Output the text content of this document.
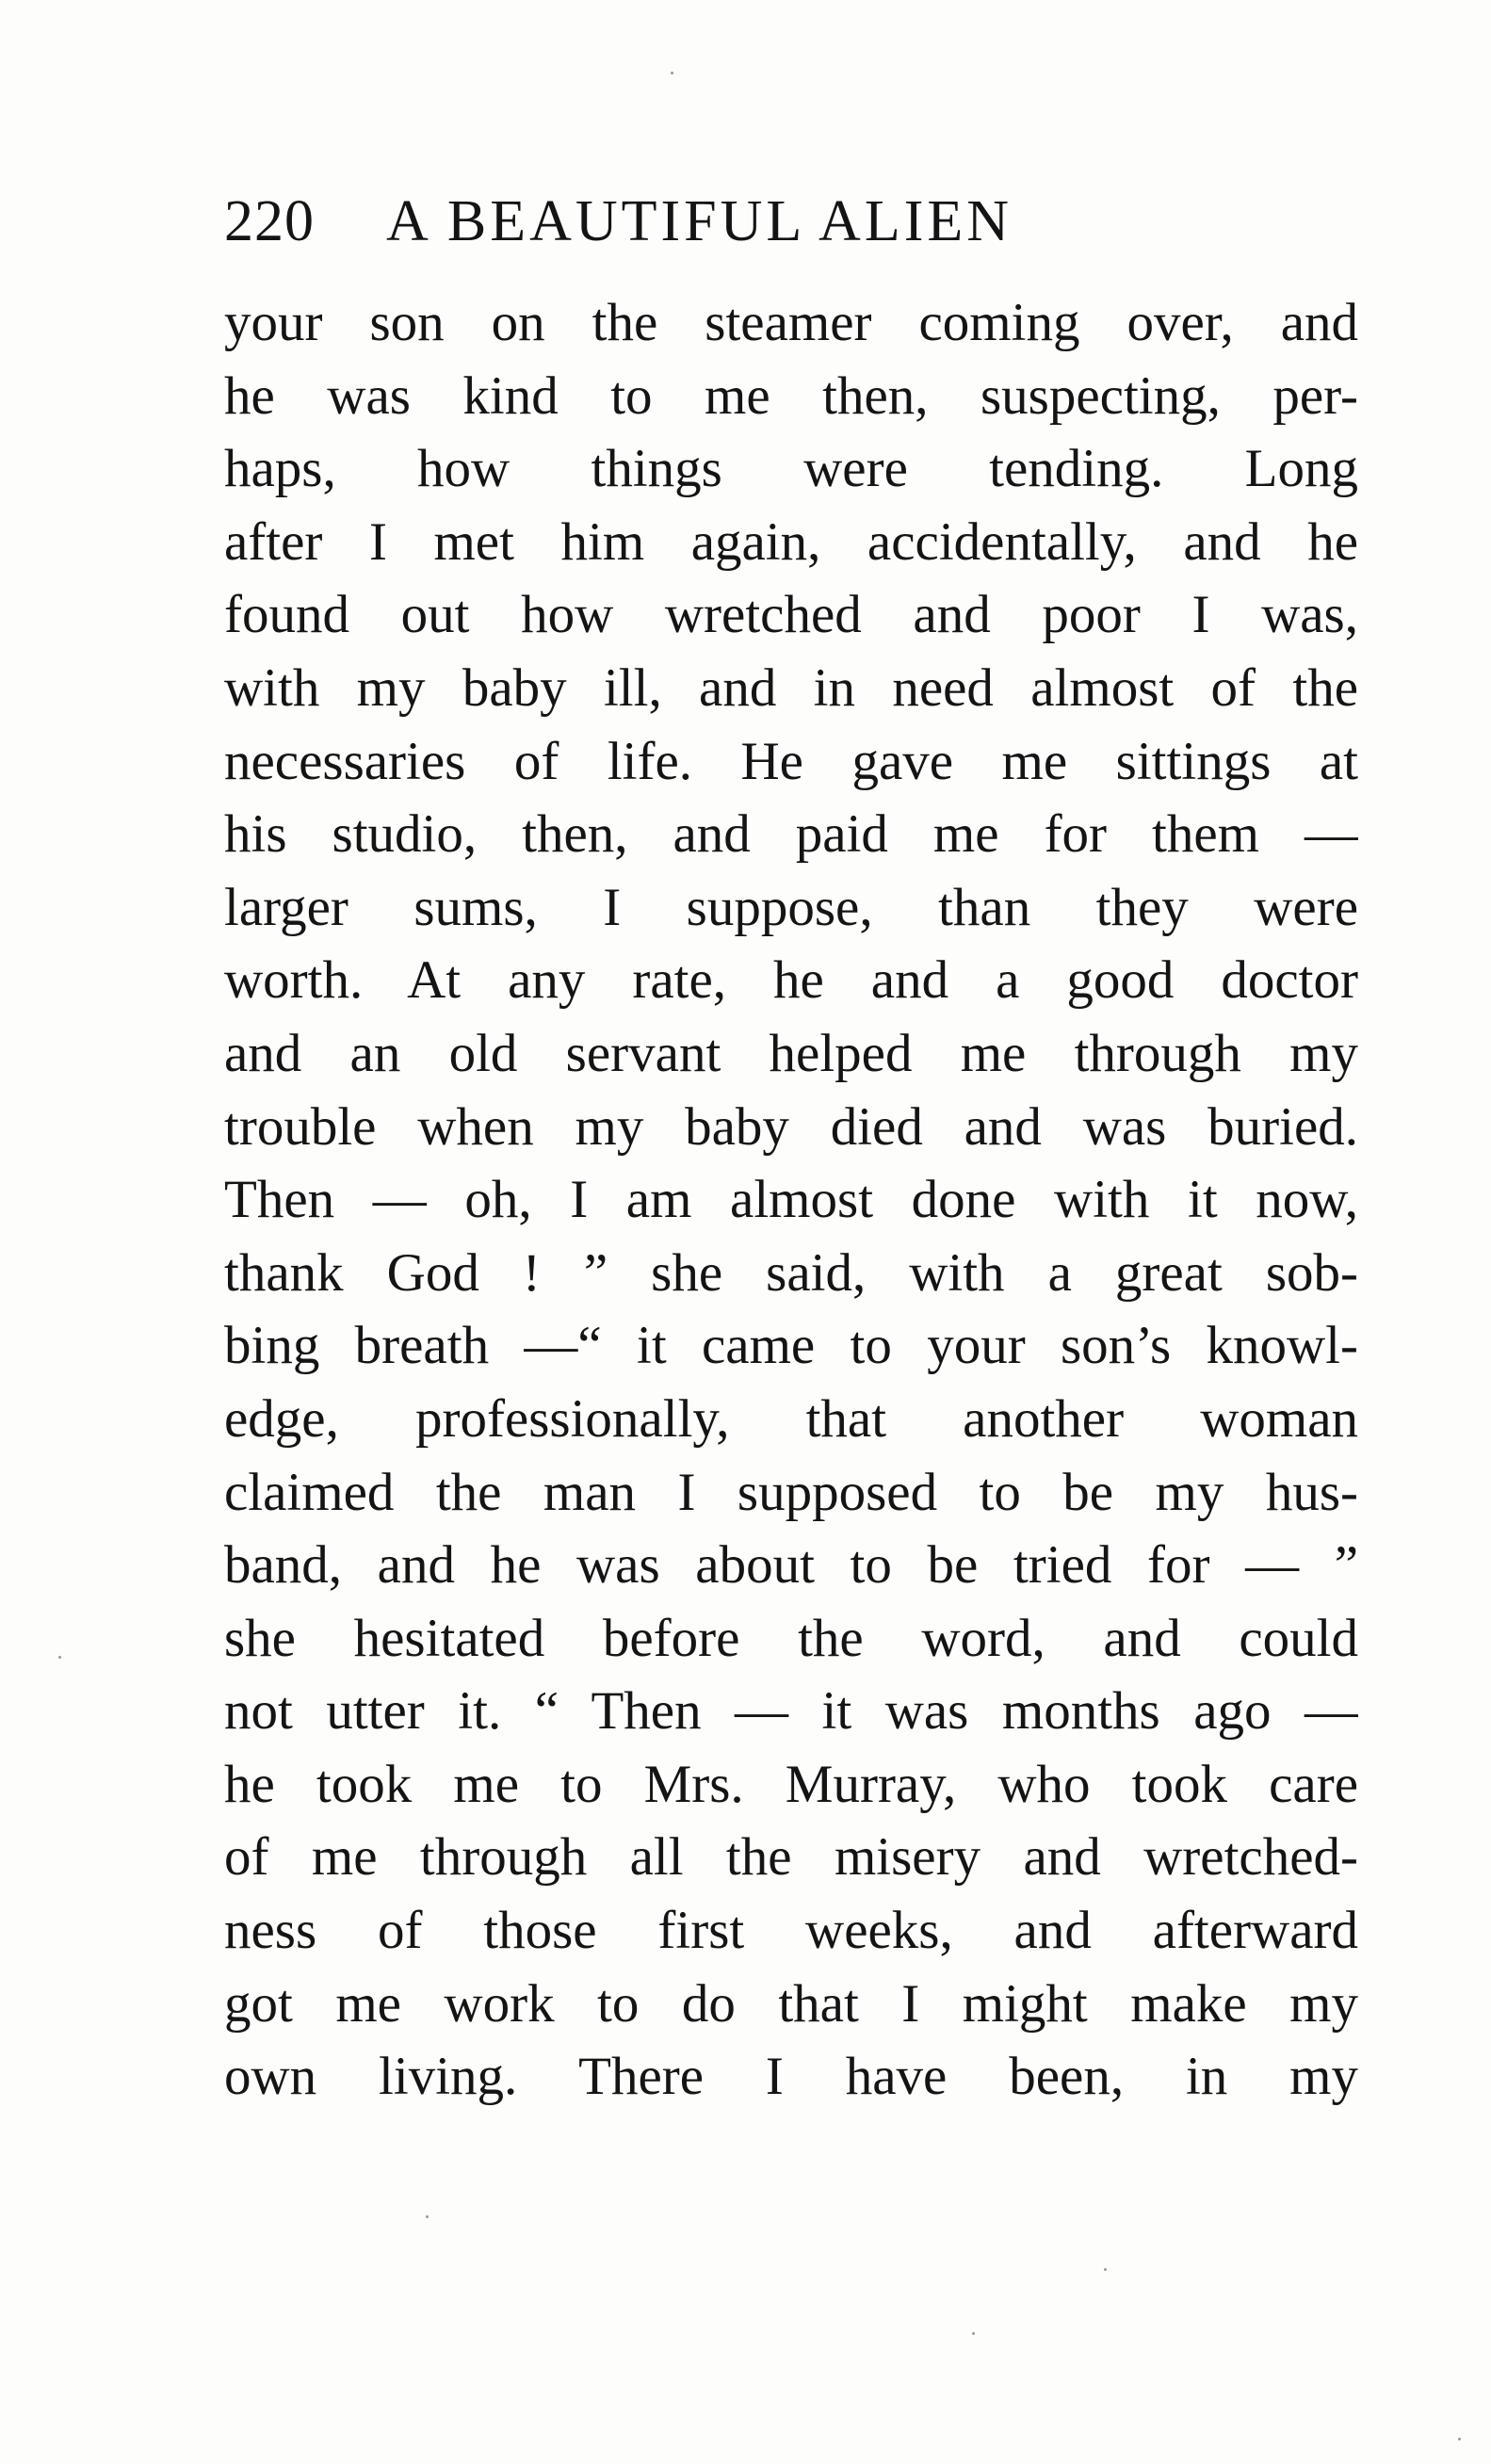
220 A BEAUTIFUL ALIEN
your son on the steamer coming over, and
he was kind to me then, suspecting, per-
haps, how things were tending. Long
after I met him again, accidentally, and he
found out how wretched and poor I was,
with my baby ill, and in need almost of the
necessaries of life. He gave me sittings at
his studio, then, and paid me for them —
larger sums, I suppose, than they were
worth. At any rate, he and a good doctor
and an old servant helped me through my
trouble when my baby died and was buried.
Then — oh, I am almost done with it now,
thank God ! ” she said, with a great sob-
bing breath —“ it came to your son’s knowl-
edge, professionally, that another woman
claimed the man I supposed to be my hus-
band, and he was about to be tried for — ”
she hesitated before the word, and could
not utter it. “ Then — it was months ago —
he took me to Mrs. Murray, who took care
of me through all the misery and wretched-
ness of those first weeks, and afterward
got me work to do that I might make my
own living. There I have been, in my
